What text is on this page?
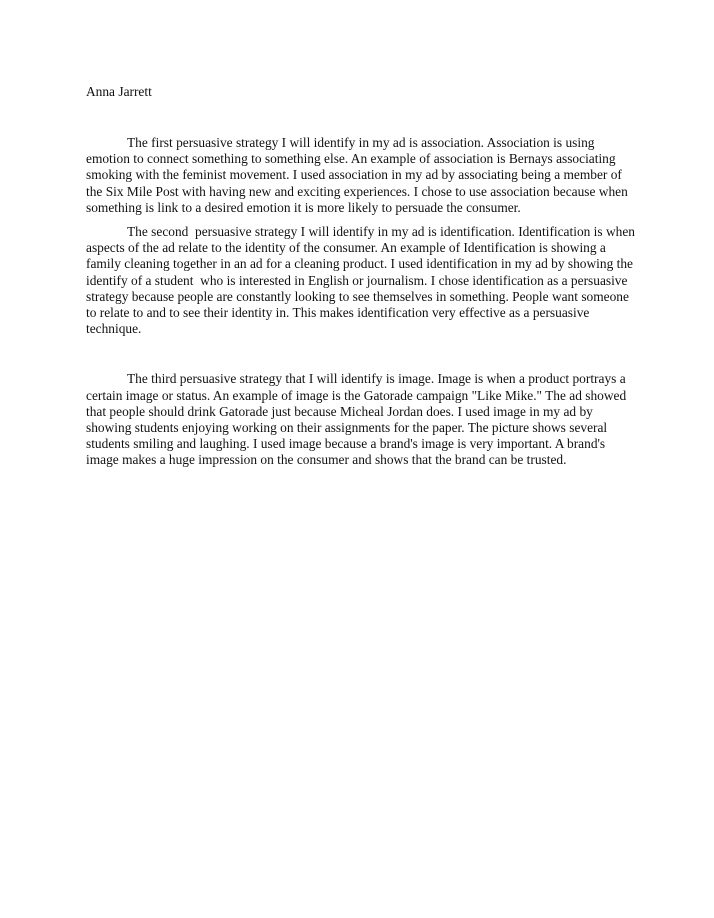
Anna Jarrett

The first persuasive strategy I will identify in my ad is association. Association is using emotion to connect something to something else. An example of association is Bernays associating smoking with the feminist movement. I used association in my ad by associating being a member of the Six Mile Post with having new and exciting experiences. I chose to use association because when something is link to a desired emotion it is more likely to persuade the consumer.

The second  persuasive strategy I will identify in my ad is identification. Identification is when aspects of the ad relate to the identity of the consumer. An example of Identification is showing a family cleaning together in an ad for a cleaning product. I used identification in my ad by showing the identify of a student  who is interested in English or journalism. I chose identification as a persuasive strategy because people are constantly looking to see themselves in something. People want someone to relate to and to see their identity in. This makes identification very effective as a persuasive technique.

The third persuasive strategy that I will identify is image. Image is when a product portrays a certain image or status. An example of image is the Gatorade campaign "Like Mike." The ad showed that people should drink Gatorade just because Micheal Jordan does. I used image in my ad by showing students enjoying working on their assignments for the paper. The picture shows several students smiling and laughing. I used image because a brand's image is very important. A brand's image makes a huge impression on the consumer and shows that the brand can be trusted.
